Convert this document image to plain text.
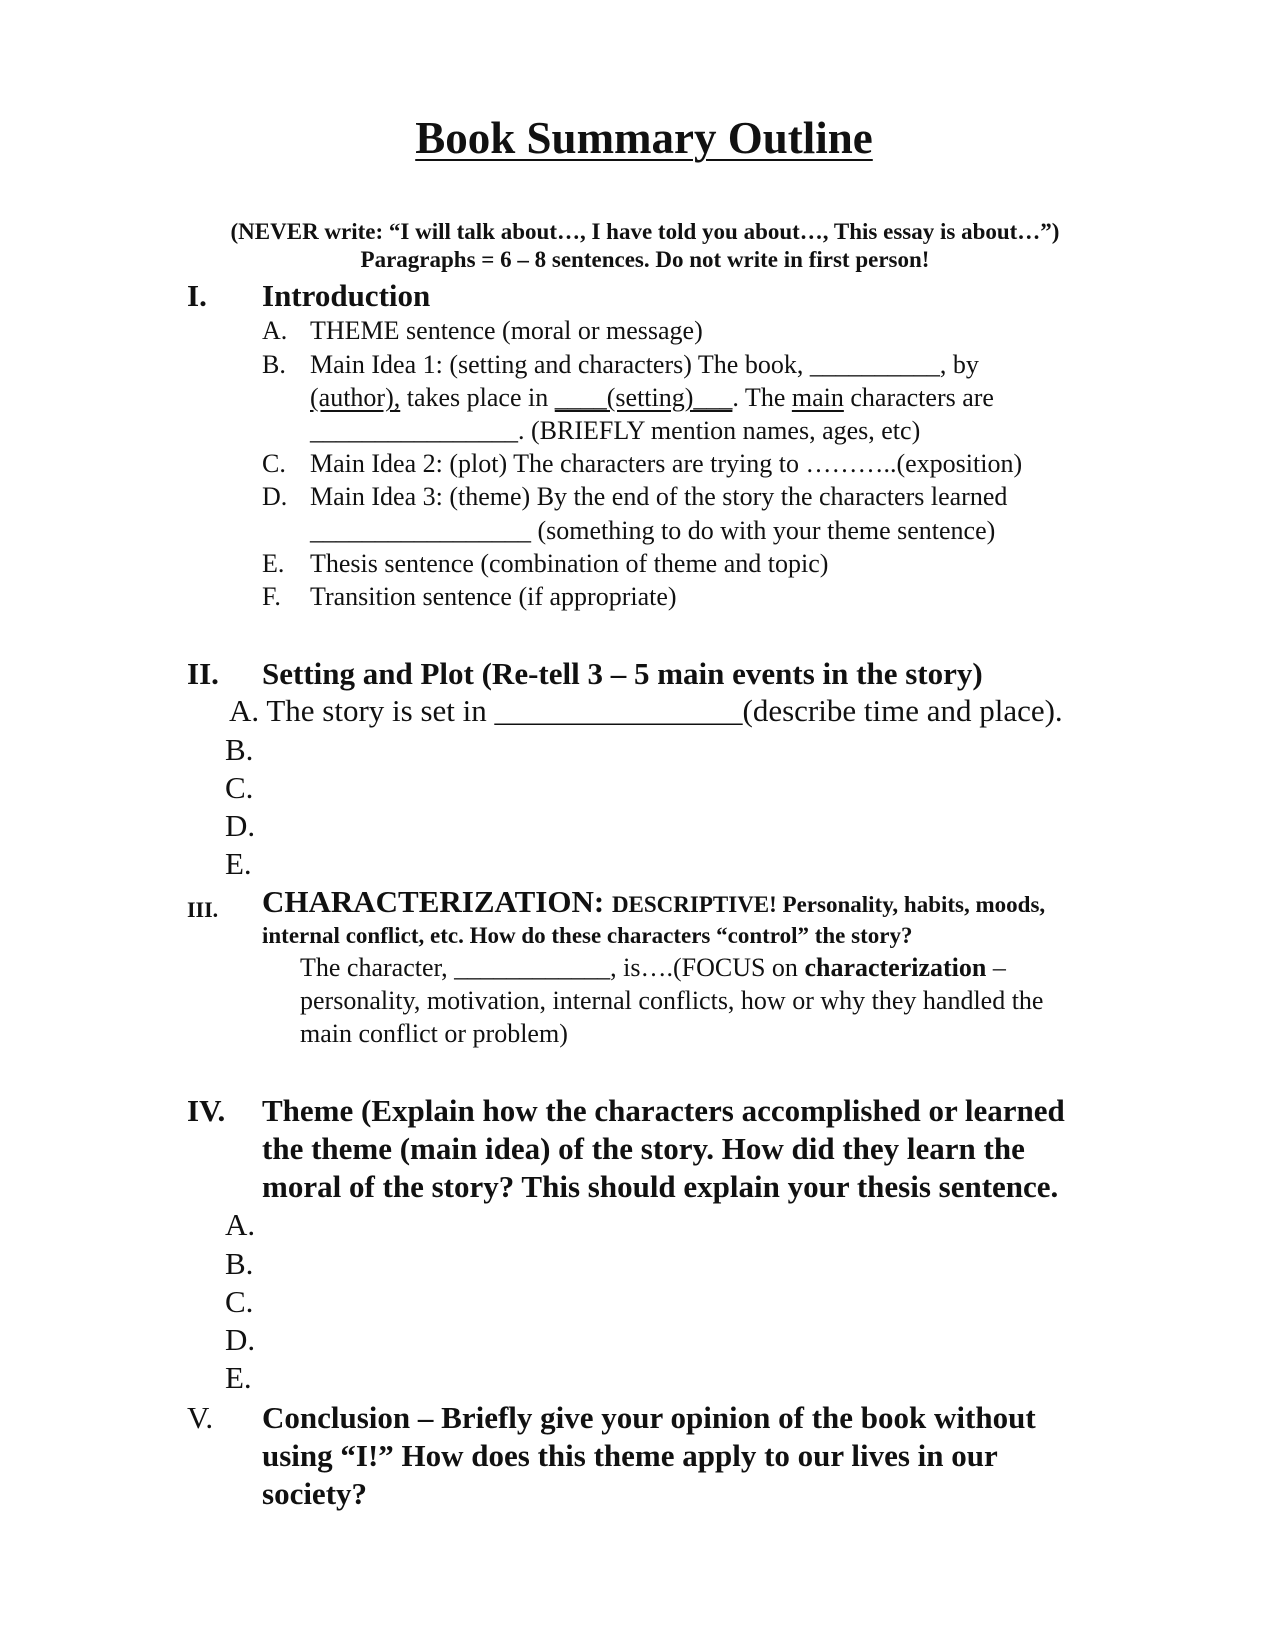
Book Summary Outline
(NEVER write: “I will talk about…, I have told you about…, This essay is about…”)
Paragraphs = 6 – 8 sentences. Do not write in first person!
I. Introduction
A. THEME sentence (moral or message)
B. Main Idea 1: (setting and characters) The book, __________, by
(author), takes place in ____(setting)___. The main characters are
________________. (BRIEFLY mention names, ages, etc)
C. Main Idea 2: (plot) The characters are trying to ………..(exposition)
D. Main Idea 3: (theme) By the end of the story the characters learned
_________________ (something to do with your theme sentence)
E. Thesis sentence (combination of theme and topic)
F. Transition sentence (if appropriate)
II. Setting and Plot (Re-tell 3 – 5 main events in the story)
A. The story is set in ________________(describe time and place).
B.
C.
D.
E.
III. CHARACTERIZATION: DESCRIPTIVE! Personality, habits, moods,
internal conflict, etc. How do these characters “control” the story?
The character, ____________, is….(FOCUS on characterization –
personality, motivation, internal conflicts, how or why they handled the
main conflict or problem)
IV. Theme (Explain how the characters accomplished or learned
the theme (main idea) of the story. How did they learn the
moral of the story? This should explain your thesis sentence.
A.
B.
C.
D.
E.
V. Conclusion – Briefly give your opinion of the book without
using “I!” How does this theme apply to our lives in our
society?
